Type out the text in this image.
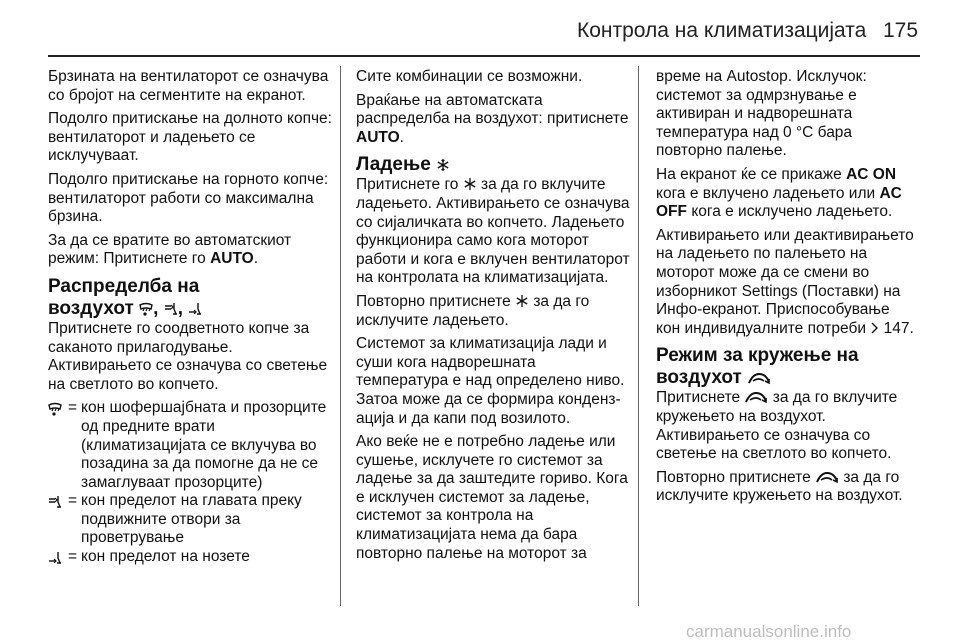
Контрола на климатизацијата 175

Брзината на вентилаторот се означува со бројот на сегментите на екранот.

Подолго притискање на долното копче: вентилаторот и ладењето се исклучуваат.

Подолго притискање на горното копче: вентилаторот работи со максимална брзина.

За да се вратите во автоматскиот режим: Притиснете го AUTO.

Распределба на
воздухот , ,

Притиснете го соодветното копче за саканото прилагодување. Активирањето се означува со светење на светлото во копчето.

= кон шофершајбната и прозорците од предните врати (климатизацијата се вклучува во позадина за да помогне да не се замаглуваат прозорците)
= кон пределот на главата преку подвижните отвори за проветрување
= кон пределот на нозете

Сите комбинации се возможни.

Враќање на автоматската распределба на воздухот: притиснете AUTO.

Ладење

Притиснете го за да го вклучите ладењето. Активирањето се означува со сијаличката во копчето. Ладењето функционира само кога моторот работи и кога е вклучен вентилаторот на контролата на климатизацијата.

Повторно притиснете за да го исклучите ладењето.

Системот за климатизација лади и суши кога надворешната температура е над определено ниво. Затоа може да се формира кондензација и да капи под возилото.

Ако веќе не е потребно ладење или сушење, исклучете го системот за ладење за да заштедите гориво. Кога е исклучен системот за ладење, системот за контрола на климатизацијата нема да бара повторно палење на моторот за

време на Autostop. Исклучок: системот за одмрзнување е активиран и надворешната температура над 0 °C бара повторно палење.

На екранот ќе се прикаже AC ON кога е вклучено ладењето или AC OFF кога е исклучено ладењето.

Активирањето или деактивирањето на ладењето по палењето на моторот може да се смени во изборникот Settings (Поставки) на Инфо-екранот. Приспособување кон индивидуалните потреби 147.

Режим за кружење на
воздухот

Притиснете за да го вклучите кружењето на воздухот. Активирањето се означува со светење на светлото во копчето.

Повторно притиснете за да го исклучите кружењето на воздухот.

carmanualsonline.info
